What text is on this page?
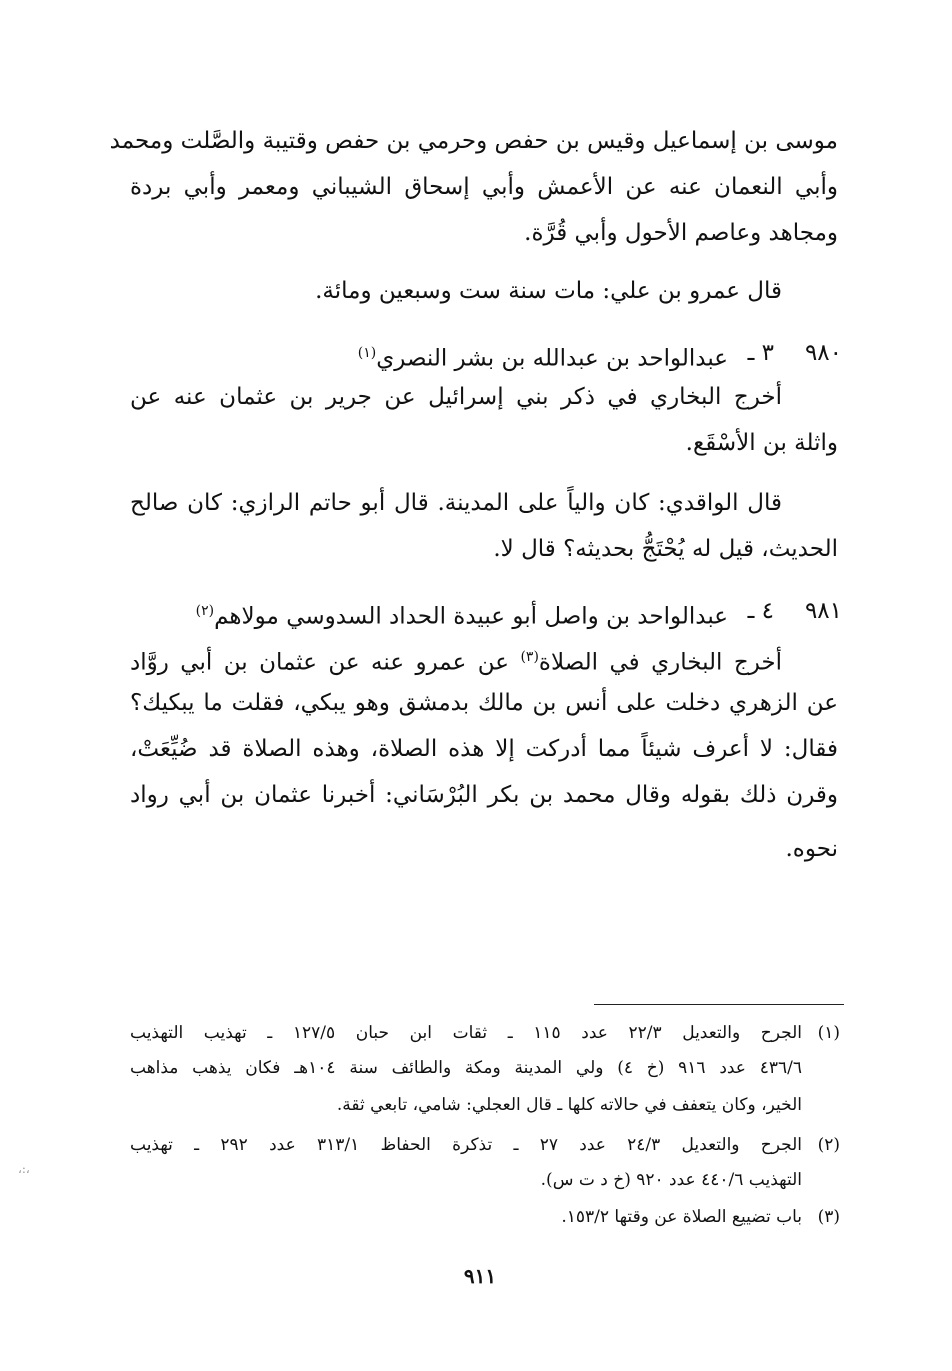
موسى بن إسماعيل وقيس بن حفص وحرمي بن حفص وقتيبة والصَّلت ومحمد
وأبي النعمان عنه عن الأعمش وأبي إسحاق الشيباني ومعمر وأبي بردة
ومجاهد وعاصم الأحول وأبي قُرَّة.
قال عمرو بن علي: مات سنة ست وسبعين ومائة.
٩٨٠
٣ ـ
عبدالواحد بن عبدالله بن بشر النصري$^{(١)}$
أخرج البخاري في ذكر بني إسرائيل عن جرير بن عثمان عنه عن
واثلة بن الأسْقَع.
قال الواقدي: كان والياً على المدينة. قال أبو حاتم الرازي: كان صالح
الحديث، قيل له يُحْتَجُّ بحديثه؟ قال لا.
٩٨١
٤ ـ
عبدالواحد بن واصل أبو عبيدة الحداد السدوسي مولاهم$^{(٢)}$
أخرج البخاري في الصلاة$^{(٣)}$ عن عمرو عنه عن عثمان بن أبي روَّاد
عن الزهري دخلت على أنس بن مالك بدمشق وهو يبكي، فقلت ما يبكيك؟
فقال: لا أعرف شيئاً مما أدركت إلا هذه الصلاة، وهذه الصلاة قد ضُيِّعَتْ،
وقرن ذلك بقوله وقال محمد بن بكر البُرْسَاني: أخبرنا عثمان بن أبي رواد
نحوه.
(١)
الجرح والتعديل ٢٢/٣ عدد ١١٥ ـ ثقات ابن حبان ١٢٧/٥ ـ تهذيب التهذيب
٤٣٦/٦ عدد ٩١٦ (خ ٤) ولي المدينة ومكة والطائف سنة ١٠٤هـ فكان يذهب مذاهب
الخير، وكان يتعفف في حالاته كلها ـ قال العجلي: شامي، تابعي ثقة.
(٢)
الجرح والتعديل ٢٤/٣ عدد ٢٧ ـ تذكرة الحفاظ ٣١٣/١ عدد ٢٩٢ ـ تهذيب
التهذيب ٤٤٠/٦ عدد ٩٢٠ (خ د ت س).
(٣)
باب تضييع الصلاة عن وقتها ١٥٣/٢.
٩١١
،:،
